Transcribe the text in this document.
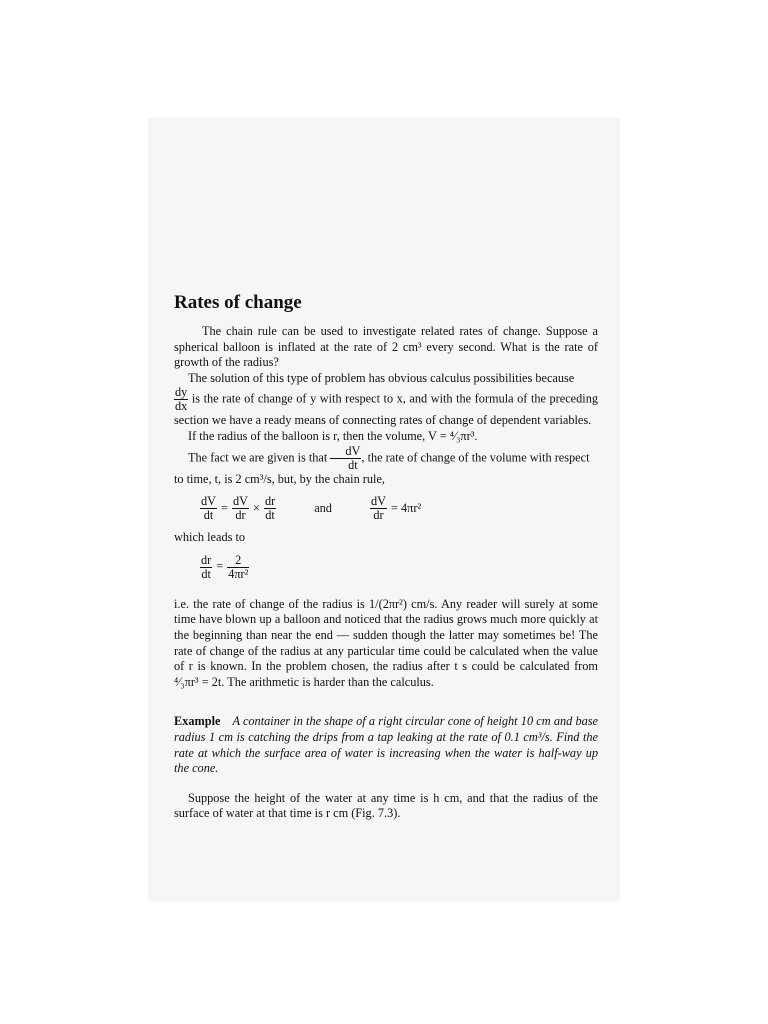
Rates of change

The chain rule can be used to investigate related rates of change. Suppose a spherical balloon is inflated at the rate of 2 cm³ every second. What is the rate of growth of the radius?

The solution of this type of problem has obvious calculus possibilities because

$\frac{dy}{dx}$ is the rate of change of y with respect to x, and with the formula of the preceding section we have a ready means of connecting rates of change of dependent variables.

If the radius of the balloon is r, then the volume, V = ⁴⁄₃πr³.

The fact we are given is that $\frac{dV}{dt}$ , the rate of change of the volume with respect

to time, t, is 2 cm³/s, but, by the chain rule,

$\frac{dV}{dt} = \frac{dV}{dr} \times \frac{dr}{dt}$	and	$\frac{dV}{dr} = 4\pi r^2$

which leads to

$\frac{dr}{dt} = \frac{2}{\text{4πr²}}$

i.e. the rate of change of the radius is 1/(2πr²) cm/s. Any reader will surely at some time have blown up a balloon and noticed that the radius grows much more quickly at the beginning than near the end — sudden though the latter may sometimes be! The rate of change of the radius at any particular time could be calculated when the value of r is known. In the problem chosen, the radius after t s could be calculated from ⁴⁄₃πr³ = 2t. The arithmetic is harder than the calculus.

Example A container in the shape of a right circular cone of height 10 cm and base radius 1 cm is catching the drips from a tap leaking at the rate of 0.1 cm³/s. Find the rate at which the surface area of water is increasing when the water is half-way up the cone.

Suppose the height of the water at any time is h cm, and that the radius of the surface of water at that time is r cm (Fig. 7.3).
